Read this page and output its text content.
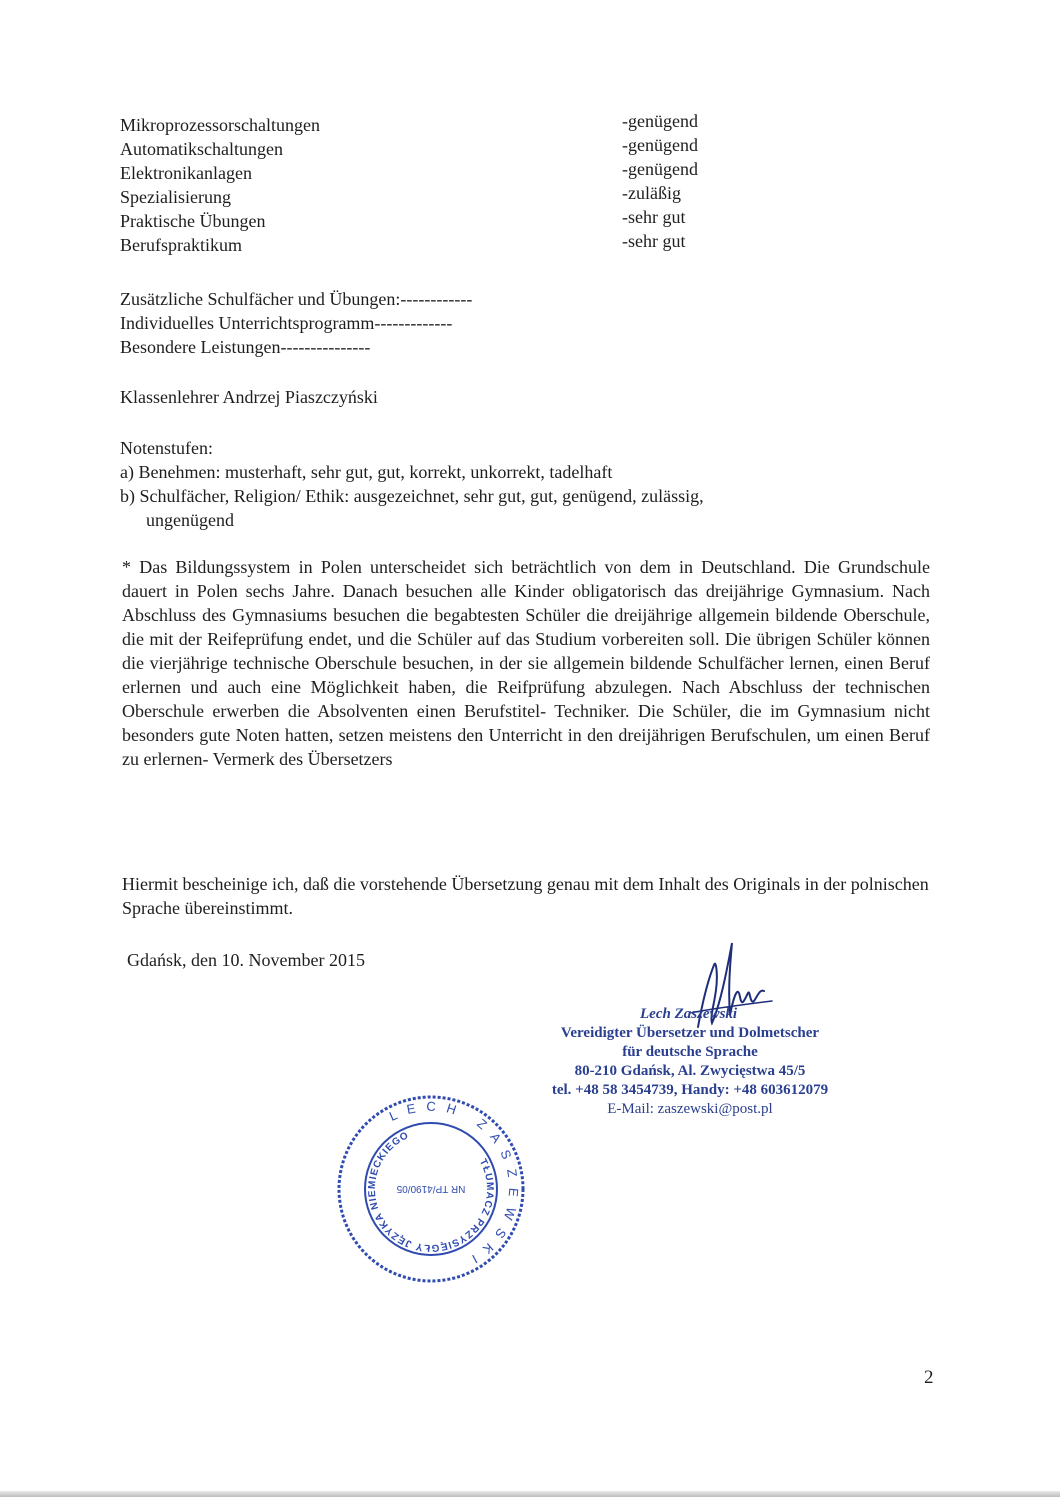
Mikroprozessorschaltungen	-genügend
Automatikschaltungen	-genügend
Elektronikanlagen	-genügend
Spezialisierung	-zuläßig
Praktische Übungen	-sehr gut
Berufspraktikum	-sehr gut
Zusätzliche Schulfächer und Übungen:------------
Individuelles Unterrichtsprogramm-------------
Besondere Leistungen---------------
Klassenlehrer Andrzej Piaszczyński
Notenstufen:
a) Benehmen: musterhaft, sehr gut, gut, korrekt, unkorrekt, tadelhaft
b) Schulfächer, Religion/ Ethik: ausgezeichnet, sehr gut, gut, genügend, zulässig,
ungenügend
* Das Bildungssystem in Polen unterscheidet sich beträchtlich von dem in Deutschland. Die Grundschule dauert in Polen sechs Jahre. Danach besuchen alle Kinder obligatorisch das dreijährige Gymnasium. Nach Abschluss des Gymnasiums besuchen die begabtesten Schüler die dreijährige allgemein bildende Oberschule, die mit der Reifeprüfung endet, und die Schüler auf das Studium vorbereiten soll. Die übrigen Schüler können die vierjährige technische Oberschule besuchen, in der sie allgemein bildende Schulfächer lernen, einen Beruf erlernen und auch eine Möglichkeit haben, die Reifprüfung abzulegen. Nach Abschluss der technischen Oberschule erwerben die Absolventen einen Berufstitel- Techniker. Die Schüler, die im Gymnasium nicht besonders gute Noten hatten, setzen meistens den Unterricht in den dreijährigen Berufschulen, um einen Beruf zu erlernen- Vermerk des Übersetzers
Hiermit bescheinige ich, daß die vorstehende Übersetzung genau mit dem Inhalt des Originals in der polnischen Sprache übereinstimmt.
Gdańsk, den 10. November 2015
Lech Zaszewski
Vereidigter Übersetzer und Dolmetscher
für deutsche Sprache
80-210 Gdańsk, Al. Zwycięstwa 45/5
tel. +48 58 3454739, Handy: +48 603612079
E-Mail: zaszewski@post.pl
LECH ZASZEWSKI
TŁUMACZ PRZYSIĘGŁY JĘZYKA NIEMIECKIEGO
NR TP/4190/05
2
